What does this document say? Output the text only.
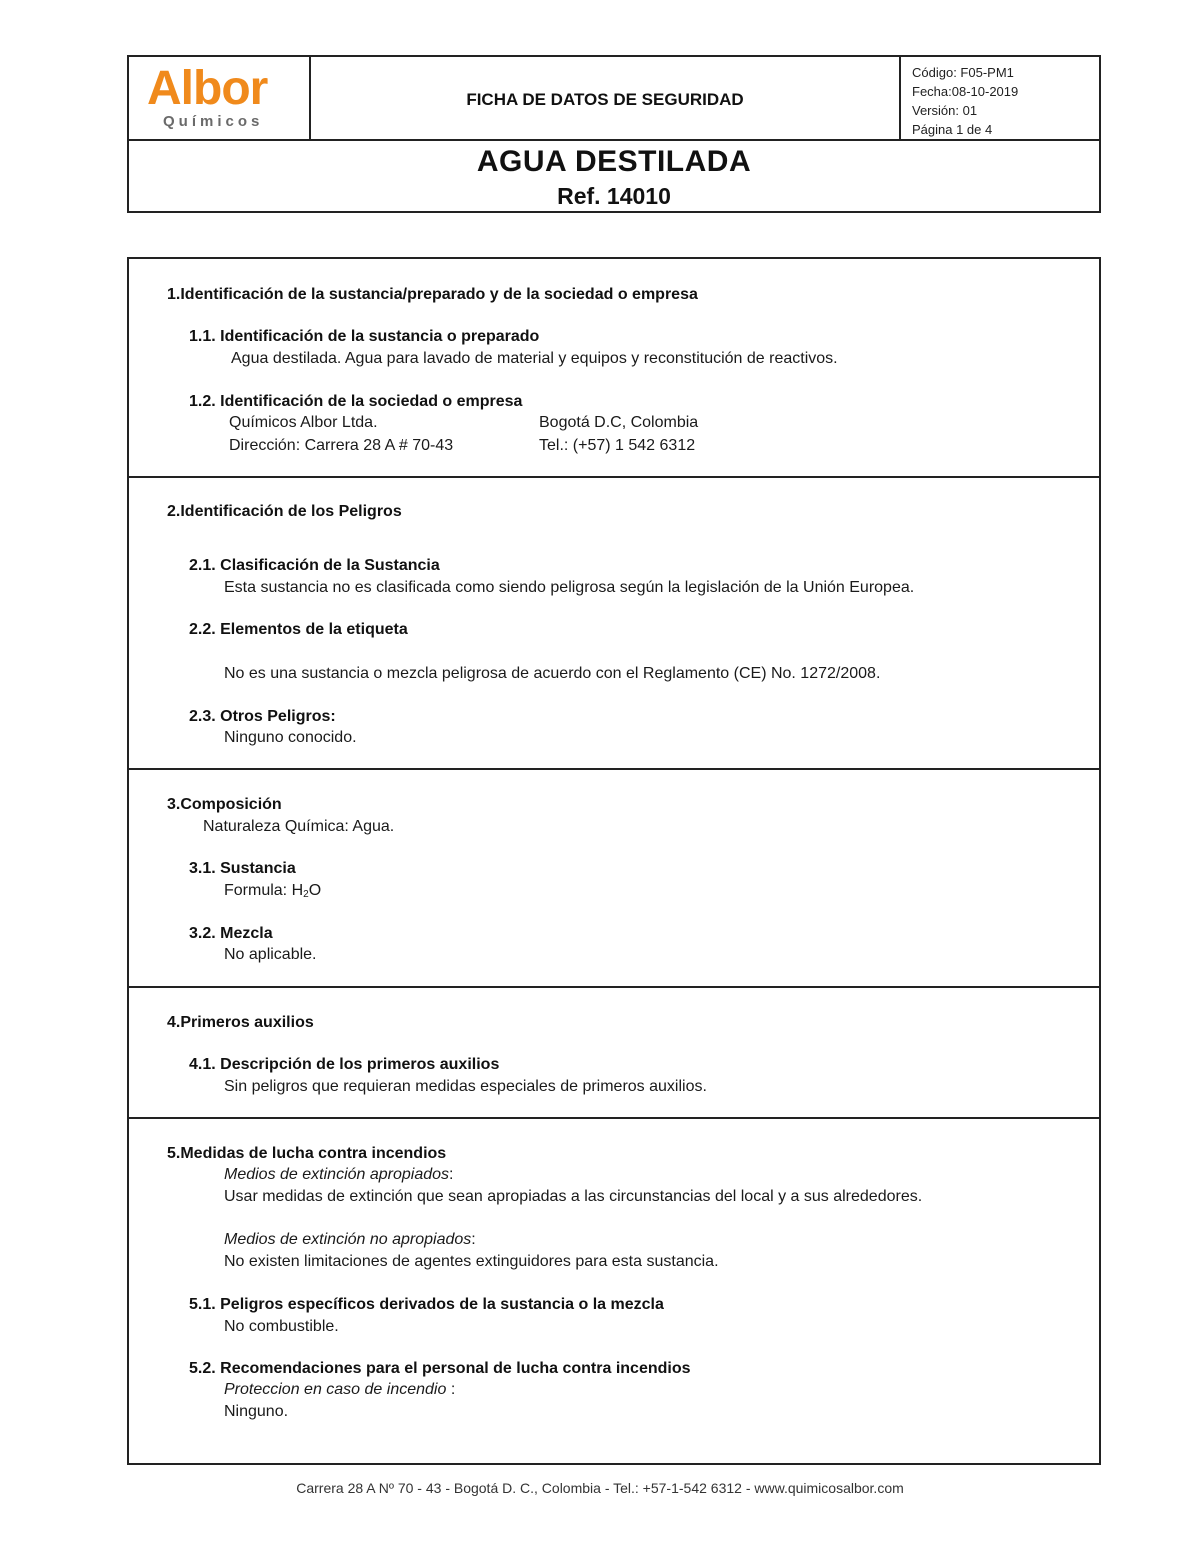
Albor
Químicos
FICHA DE DATOS DE SEGURIDAD
Código: F05-PM1
Fecha:08-10-2019
Versión: 01
Página 1 de 4
AGUA DESTILADA
Ref. 14010
1.Identificación de la sustancia/preparado y de la sociedad o empresa
1.1. Identificación de la sustancia o preparado
Agua destilada. Agua para lavado de material y equipos y reconstitución de reactivos.
1.2. Identificación de la sociedad o empresa
Químicos Albor Ltda.	Bogotá D.C, Colombia
Dirección: Carrera 28 A # 70-43	Tel.: (+57) 1 542 6312
2.Identificación de los Peligros
2.1. Clasificación de la Sustancia
Esta sustancia no es clasificada como siendo peligrosa según la legislación de la Unión Europea.
2.2. Elementos de la etiqueta
No es una sustancia o mezcla peligrosa de acuerdo con el Reglamento (CE) No. 1272/2008.
2.3. Otros Peligros:
Ninguno conocido.
3.Composición
Naturaleza Química: Agua.
3.1. Sustancia
Formula: $H_2O$
3.2. Mezcla
No aplicable.
4.Primeros auxilios
4.1. Descripción de los primeros auxilios
Sin peligros que requieran medidas especiales de primeros auxilios.
5.Medidas de lucha contra incendios
Medios de extinción apropiados:
Usar medidas de extinción que sean apropiadas a las circunstancias del local y a sus alrededores.
Medios de extinción no apropiados:
No existen limitaciones de agentes extinguidores para esta sustancia.
5.1. Peligros específicos derivados de la sustancia o la mezcla
No combustible.
5.2. Recomendaciones para el personal de lucha contra incendios
Proteccion en caso de incendio :
Ninguno.
Carrera 28 A Nº 70 - 43 - Bogotá D. C., Colombia - Tel.: +57-1-542 6312 - www.quimicosalbor.com
